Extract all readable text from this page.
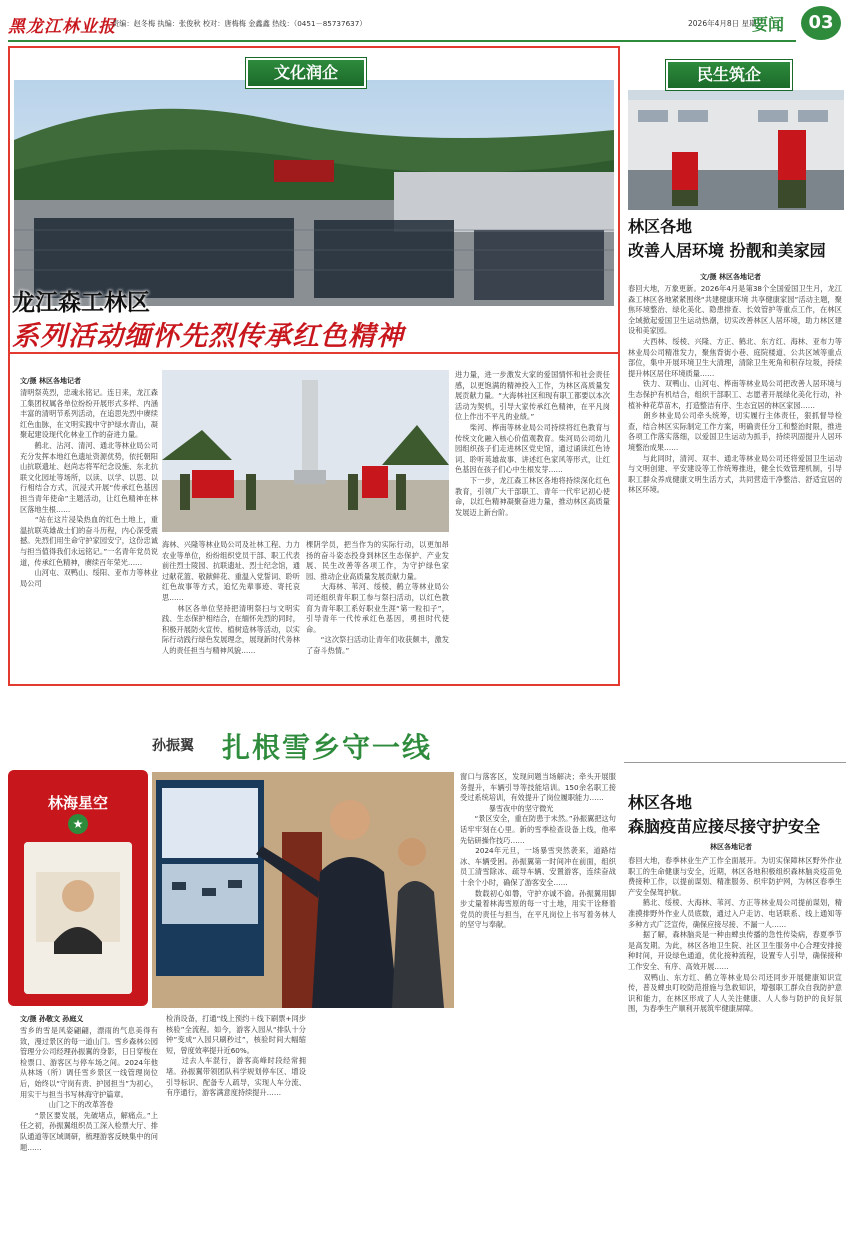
黑龙江林业报
责编：赵冬梅 执编：张俊秋 校对：唐梅梅 金鑫鑫 热线：（0451－85737637）	2026年4月8日 星期三
要闻	03
文化润企
龙江森工林区
系列活动缅怀先烈传承红色精神
文/摄 林区各地记者
清明祭英烈，忠魂永铭记。连日来，龙江森工集团权属各单位纷纷开展形式多样、内涵丰富的清明节系列活动，在追思先烈中赓续红色血脉，在文明实践中守护绿水青山，凝聚起建设现代化林业工作的奋进力量。
　　鹤北、沾河、清河、通北等林业局公司充分发挥本地红色遗址资源优势，依托朝阳山抗联遗址、赵尚志将军纪念设施、东北抗联文化园址等场所，以读、以学、以思、以行相结合方式，沉浸式开展“传承红色基因 担当青年使命”主题活动，让红色精神在林区落地生根……
　　“站在这片浸染热血的红色土地上，重温抗联英雄战士们的奋斗历程，内心深受震撼。先烈们用生命守护家园安宁，这份忠诚与担当值得我们永远铭记。”一名青年党员说道，传承红色精神，赓续百年荣光……
　　山河屯、双鸭山、绥阳、亚布力等林业局公司
海林、兴隆等林业局公司及社林工程、力力农业等单位，纷纷组织党员干部、职工代表前往烈士陵园、抗联遗址、烈士纪念馆，通过献花篮、敬献鲜花、重温入党誓词、聆听红色故事等方式，追忆先辈事迹、寄托哀思……
　　林区各单位坚持把清明祭扫与文明实践、生态保护相结合，在缅怀先烈的同时，积极开展防火宣传、植树造林等活动，以实际行动践行绿色发展理念，展现新时代务林人的责任担当与精神风貌……
棵阴学员，把当作为的实际行动，以更加昂扬的奋斗姿态投身到林区生态保护、产业发展、民生改善等各项工作，为守护绿色家园、推动企业高质量发展贡献力量。
　　大海林、苇河、绥棱、鹤立等林业局公司还组织青年职工参与祭扫活动，以红色教育为青年职工系好职业生涯“第一粒扣子”，引导青年一代传承红色基因，勇担时代使命。
　　“这次祭扫活动让青年们收获颇丰，激发了奋斗热情。”
进力量，进一步激发大家的爱国情怀和社会责任感，以更饱满的精神投入工作，为林区高质量发展贡献力量。“大海林社区和现有职工都要以本次活动为契机，引导大家传承红色精神，在平凡岗位上作出不平凡的业绩。”
　　柴河、桦南等林业局公司持续将红色教育与传统文化融入核心价值观教育。柴河局公司幼儿园组织孩子们走进林区党史馆，通过诵读红色诗词、聆听英雄故事、讲述红色家风等形式，让红色基因在孩子们心中生根发芽……
　　下一步，龙江森工林区各地将持续深化红色教育，引领广大干部职工、青年一代牢记初心使命，以红色精神凝聚奋进力量，推动林区高质量发展迈上新台阶。
民生筑企
林区各地
改善人居环境 扮靓和美家园
文/摄 林区各地记者
春回大地，万象更新。2026年4月是第38个全国爱国卫生月，龙江森工林区各地紧紧围绕“共建健康环境 共享健康家园”活动主题，聚焦环境整治、绿化美化、隐患排查、长效管护等重点工作，在林区全域掀起爱国卫生运动热潮，切实改善林区人居环境，助力林区建设和美家园。
　　大西林、绥棱、兴隆、方正、鹤北、东方红、海林、亚布力等林业局公司精准发力，聚焦背街小巷、庭院楼道、公共区域等重点部位，集中开展环境卫生大清理，清除卫生死角和积存垃圾，持续提升林区居住环境质量……
　　铁力、双鸭山、山河屯、桦南等林业局公司把改善人居环境与生态保护有机结合，组织干部职工、志愿者开展绿化美化行动，补植补种花草苗木，打造整洁有序、生态宜居的林区家园……
　　朗乡林业局公司牵头统筹，切实履行主体责任，狠抓督导检查，结合林区实际制定工作方案，明确责任分工和整治时限，推进各项工作落实落细，以爱国卫生运动为抓手，持续巩固提升人居环境整治成果……
　　与此同时，清河、双丰、通北等林业局公司还将爱国卫生运动与文明创建、平安建设等工作统筹推进，健全长效管理机制，引导职工群众养成健康文明生活方式，共同营造干净整洁、舒适宜居的林区环境。
林区各地
森脑疫苗应接尽接守护安全
林区各地记者
春回大地，春季林业生产工作全面展开。为切实保障林区野外作业职工的生命健康与安全，近期，林区各地积极组织森林脑炎疫苗免费接种工作，以提前谋划、精准服务、织牢防护网，为林区春季生产安全保驾护航。
　　鹤北、绥棱、大海林、苇河、方正等林业局公司提前谋划，精准摸排野外作业人员底数，通过入户走访、电话联系、线上通知等多种方式广泛宣传，确保应接尽接、不漏一人……
　　据了解，森林脑炎是一种由蜱虫传播的急性传染病，春夏季节是高发期。为此，林区各地卫生院、社区卫生服务中心合理安排接种时间，开设绿色通道，优化接种流程，设置专人引导，确保接种工作安全、有序、高效开展……
　　双鸭山、东方红、鹤立等林业局公司还同步开展健康知识宣传，普及蜱虫叮咬防范措施与急救知识，增强职工群众自我防护意识和能力，在林区形成了人人关注健康、人人参与防护的良好氛围，为春季生产顺利开展筑牢健康屏障。
孙振翼 扎根雪乡守一线
林海星空
★
文/摄 孙敬文 孙庭义
雪乡的雪是风姿翩翩，漂雨的气息美得有致，漫过景区的每一道山门。雪乡森林公园管理分公司经理孙振翼的身影，日日穿梭在检票口、游客区与停车场之间。2024年他从林场（所）调任雪乡景区一线管理岗位后，始终以“守岗有责、护园担当”为初心，用实干与担当书写林海守护篇章。
　　　　山门之下的改革答卷
　　“景区要发展，先破堵点，解痛点。”上任之初，孙振翼组织员工深入检票大厅、排队通道等区域调研，梳理游客反映集中的问题……
检消设备，打通“线上预约＋线下刷票+同步核验”全流程。如今，游客入园从“排队十分钟”变成“入园只刷秒过”，核验时间大幅缩短，曾度效率提升近60%。
　　过去人车混行，游客高峰时段经常拥堵。孙振翼带领团队科学规划停车区、增设引导标识、配备专人疏导，实现人车分流、有序通行，游客满意度持续提升……
窗口与落客区，发现问题当场解决；牵头开展服务提升，车辆引导等技能培训。150余名职工接受过系统培训，有效提升了岗位履职能力……
　　　　暴雪夜中的坚守微光
　　“景区安全，重在防患于未然。”孙振翼把这句话牢牢刻在心里。新的雪季检查设备上线，他率先钻研操作技巧……
　　2024年元旦，一场暴雪突然袭来，道路结冰、车辆受困。孙振翼第一时间冲在前面，组织员工清雪除冰、疏导车辆、安置游客，连续奋战十余个小时，确保了游客安全……
　　数载初心如磐，守护亦诚不渝。孙振翼用脚步丈量着林海雪原的每一寸土地，用实干诠释着党员的责任与担当，在平凡岗位上书写着务林人的坚守与奉献。
